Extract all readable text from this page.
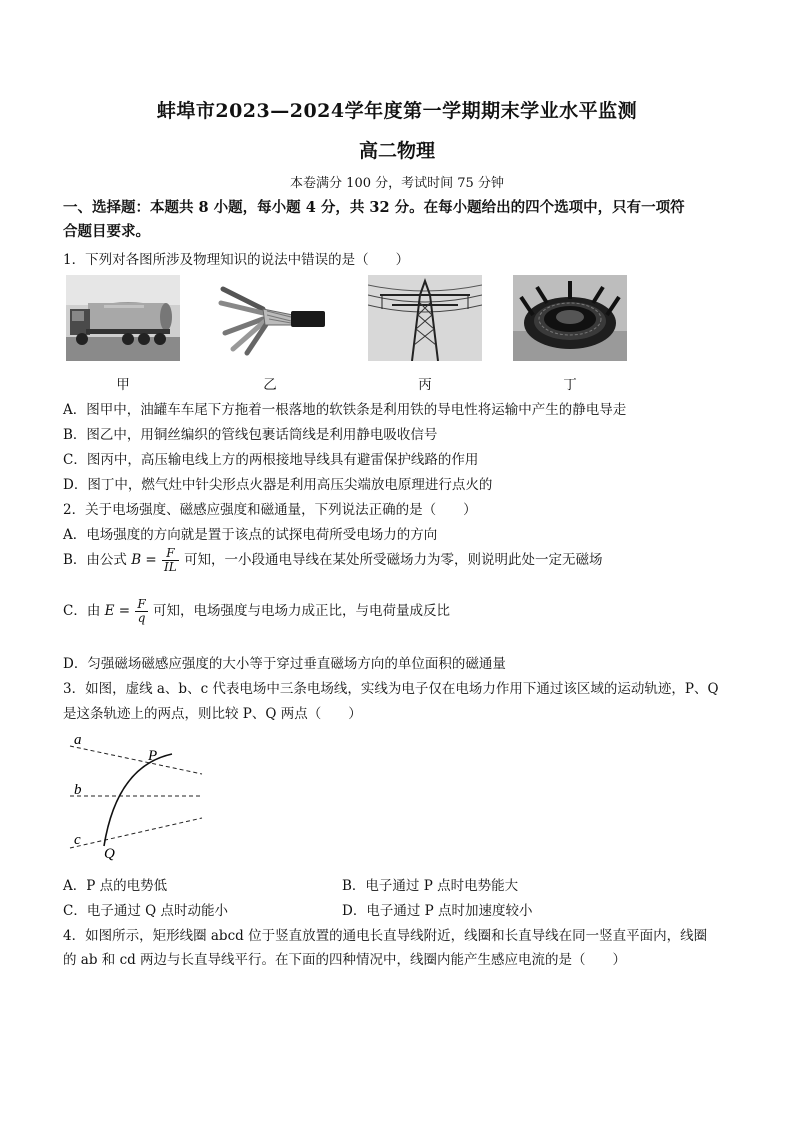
蚌埠市2023—2024学年度第一学期期末学业水平监测
高二物理
本卷满分 100 分，考试时间 75 分钟
一、选择题：本题共 8 小题，每小题 4 分，共 32 分。在每小题给出的四个选项中，只有一项符
合题目要求。
1．下列对各图所涉及物理知识的说法中错误的是（　　）
甲	乙	丙	丁
A．图甲中，油罐车车尾下方拖着一根落地的软铁条是利用铁的导电性将运输中产生的静电导走
B．图乙中，用铜丝编织的管线包裹话筒线是利用静电吸收信号
C．图丙中，高压输电线上方的两根接地导线具有避雷保护线路的作用
D．图丁中，燃气灶中针尖形点火器是利用高压尖端放电原理进行点火的
2．关于电场强度、磁感应强度和磁通量，下列说法正确的是（　　）
A．电场强度的方向就是置于该点的试探电荷所受电场力的方向
B．由公式 $B = \frac{F}{IL}$ 可知，一小段通电导线在某处所受磁场力为零，则说明此处一定无磁场
C．由 $E = \frac{F}{q}$ 可知，电场强度与电场力成正比，与电荷量成反比
D．匀强磁场磁感应强度的大小等于穿过垂直磁场方向的单位面积的磁通量
3．如图，虚线 a、b、c 代表电场中三条电场线，实线为电子仅在电场力作用下通过该区域的运动轨迹，P、Q
是这条轨迹上的两点，则比较 P、Q 两点（　　）
a
b
c
P
Q
A．P 点的电势低	B．电子通过 P 点时电势能大
C．电子通过 Q 点时动能小	D．电子通过 P 点时加速度较小
4．如图所示，矩形线圈 abcd 位于竖直放置的通电长直导线附近，线圈和长直导线在同一竖直平面内，线圈
的 ab 和 cd 两边与长直导线平行。在下面的四种情况中，线圈内能产生感应电流的是（　　）
